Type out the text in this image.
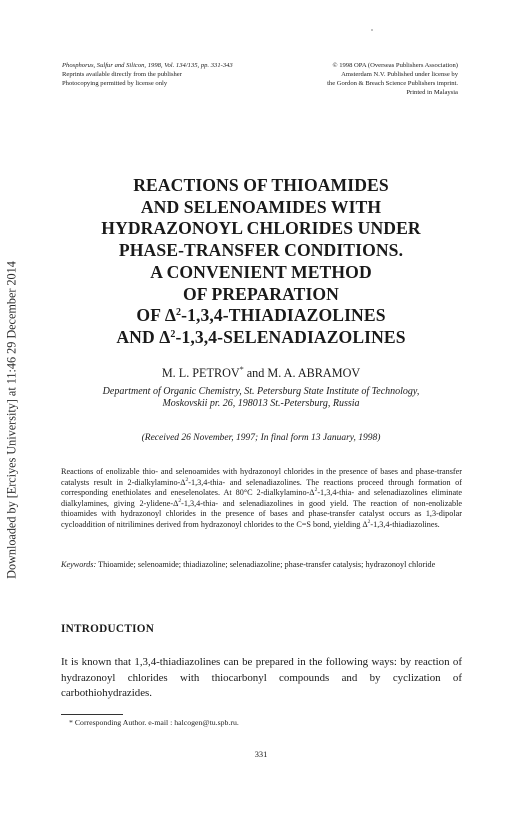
Downloaded by [Erciyes University] at 11:46 29 December 2014
Phosphorus, Sulfur and Silicon, 1998, Vol. 134/135, pp. 331-343
Reprints available directly from the publisher
Photocopying permitted by license only
© 1998 OPA (Overseas Publishers Association)
Amsterdam N.V. Published under license by
the Gordon & Breach Science Publishers imprint.
Printed in Malaysia
REACTIONS OF THIOAMIDES
AND SELENOAMIDES WITH
HYDRAZONOYL CHLORIDES UNDER
PHASE-TRANSFER CONDITIONS.
A CONVENIENT METHOD
OF PREPARATION
OF $\Delta^2-1,3,4$-THIADIAZOLINES
AND $\Delta^2-1,3,4$-SELENADIAZOLINES
M. L. PETROV* and M. A. ABRAMOV
Department of Organic Chemistry, St. Petersburg State Institute of Technology,
Moskovskii pr. 26, 198013 St.-Petersburg, Russia
(Received 26 November, 1997; In final form 13 January, 1998)
Reactions of enolizable thio- and selenoamides with hydrazonoyl chlorides in the presence of bases and phase-transfer catalysts result in $2-dialkylamino-\Delta^2-1,3,4-thia-$ and selenadiazolines. The reactions proceed through formation of corresponding enethiolates and eneselenolates. At 80°C $2-dialkylamino-\Delta^2-1,3,4-thia-$ and selenadiazolines eliminate dialkylamines, giving $2-ylidene-\Delta^2-1,3,4-thia-$ and selenadiazolines in good yield. The reaction of non-enolizable thioamides with hydrazonoyl chlorides in the presence of bases and phase-transfer catalyst occurs as 1,3-dipolar cycloaddition of nitrilimines derived from hydrazonoyl chlorides to the C=S bond, yielding $\Delta^2-1,3,4$-thiadiazolines.
Keywords: Thioamide; selenoamide; thiadiazoline; selenadiazoline; phase-transfer catalysis; hydrazonoyl chloride
INTRODUCTION
It is known that 1,3,4-thiadiazolines can be prepared in the following ways: by reaction of hydrazonoyl chlorides with thiocarbonyl compounds and by cyclization of carbothiohydrazides.
* Corresponding Author. e-mail : halcogen@tu.spb.ru.
331
